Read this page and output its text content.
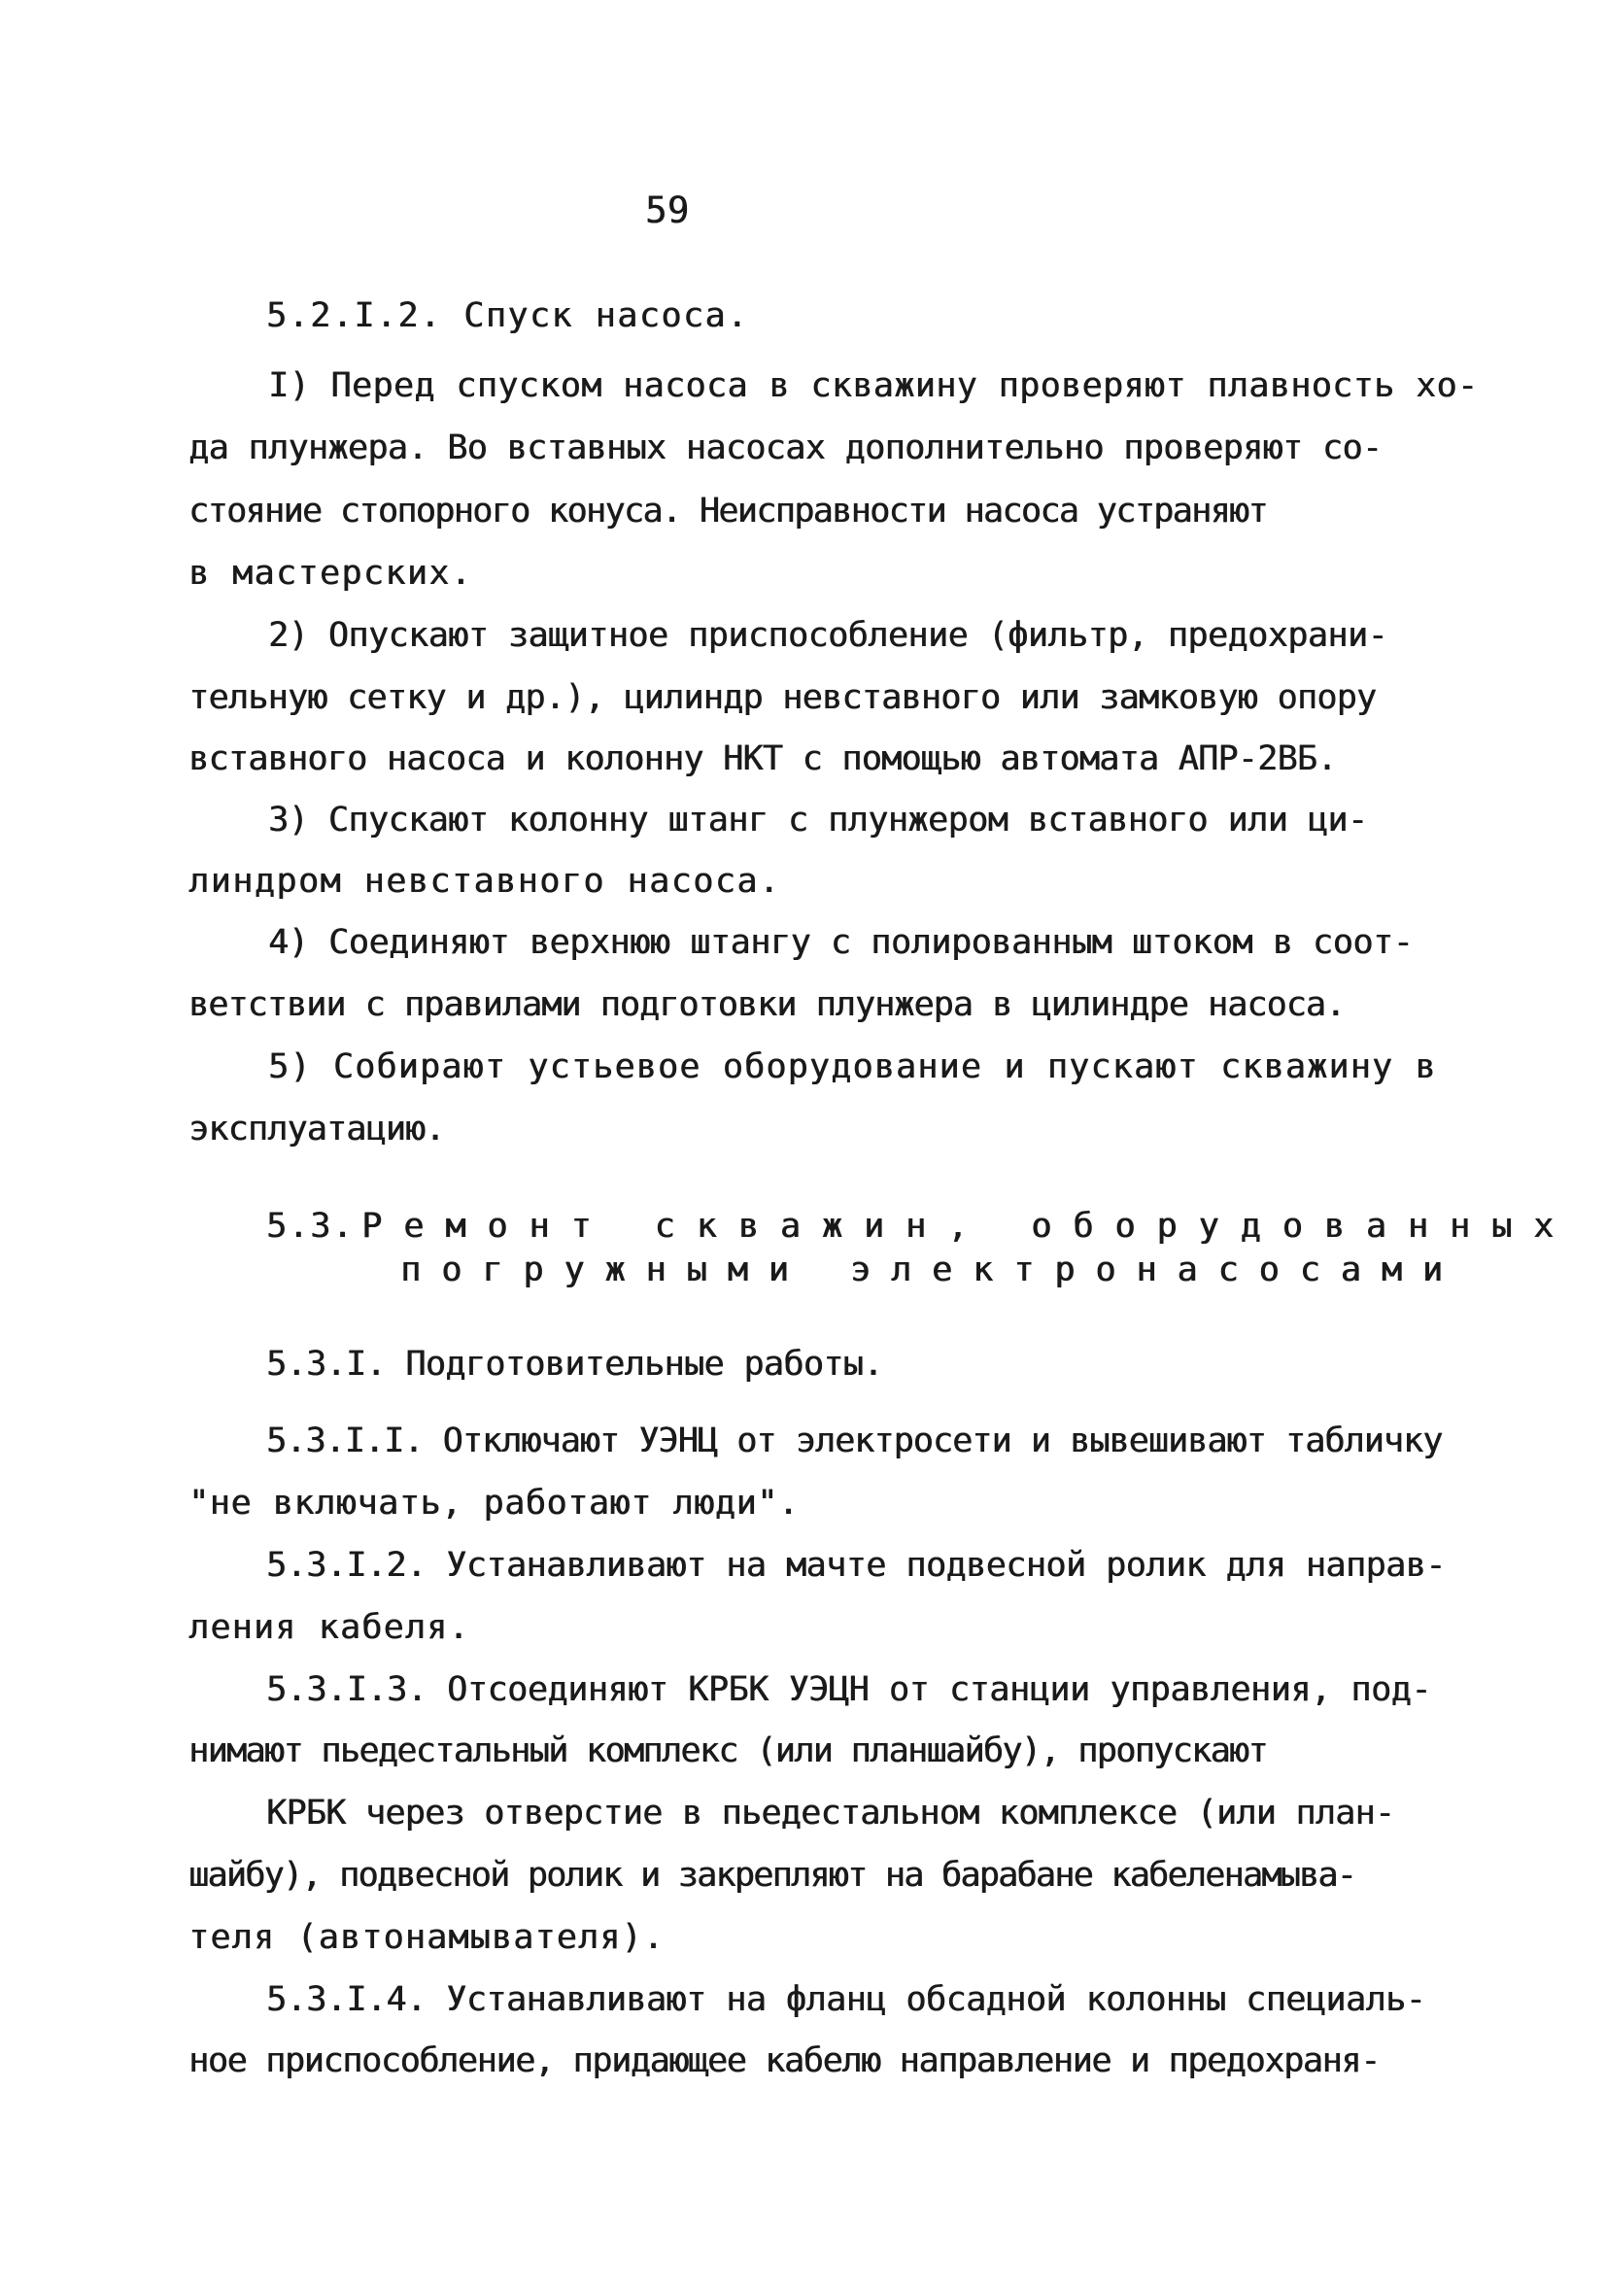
59
5.2.I.2. Спуск насоса.
I) Перед спуском насоса в скважину проверяют плавность хо-
да плунжера. Во вставных насосах дополнительно проверяют со-
стояние стопорного конуса. Неисправности насоса устраняют
в мастерских.
2) Опускают защитное приспособление (фильтр, предохрани-
тельную сетку и др.), цилиндр невставного или замковую опору
вставного насоса и колонну НКТ с помощью автомата АПР-2ВБ.
3) Спускают колонну штанг с плунжером вставного или ци-
линдром невставного насоса.
4) Соединяют верхнюю штангу с полированным штоком в соот-
ветствии с правилами подготовки плунжера в цилиндре насоса.
5) Собирают устьевое оборудование и пускают скважину в
эксплуатацию.
5.3. Ремонт скважин, оборудованных
погружными электронасосами
5.3.I. Подготовительные работы.
5.3.I.I. Отключают УЭНЦ от электросети и вывешивают табличку
"не включать, работают люди".
5.3.I.2. Устанавливают на мачте подвесной ролик для направ-
ления кабеля.
5.3.I.3. Отсоединяют КРБК УЭЦН от станции управления, под-
нимают пьедестальный комплекс (или планшайбу), пропускают
КРБК через отверстие в пьедестальном комплексе (или план-
шайбу), подвесной ролик и закрепляют на барабане кабеленамыва-
теля (автонамывателя).
5.3.I.4. Устанавливают на фланц обсадной колонны специаль-
ное приспособление, придающее кабелю направление и предохраня-
